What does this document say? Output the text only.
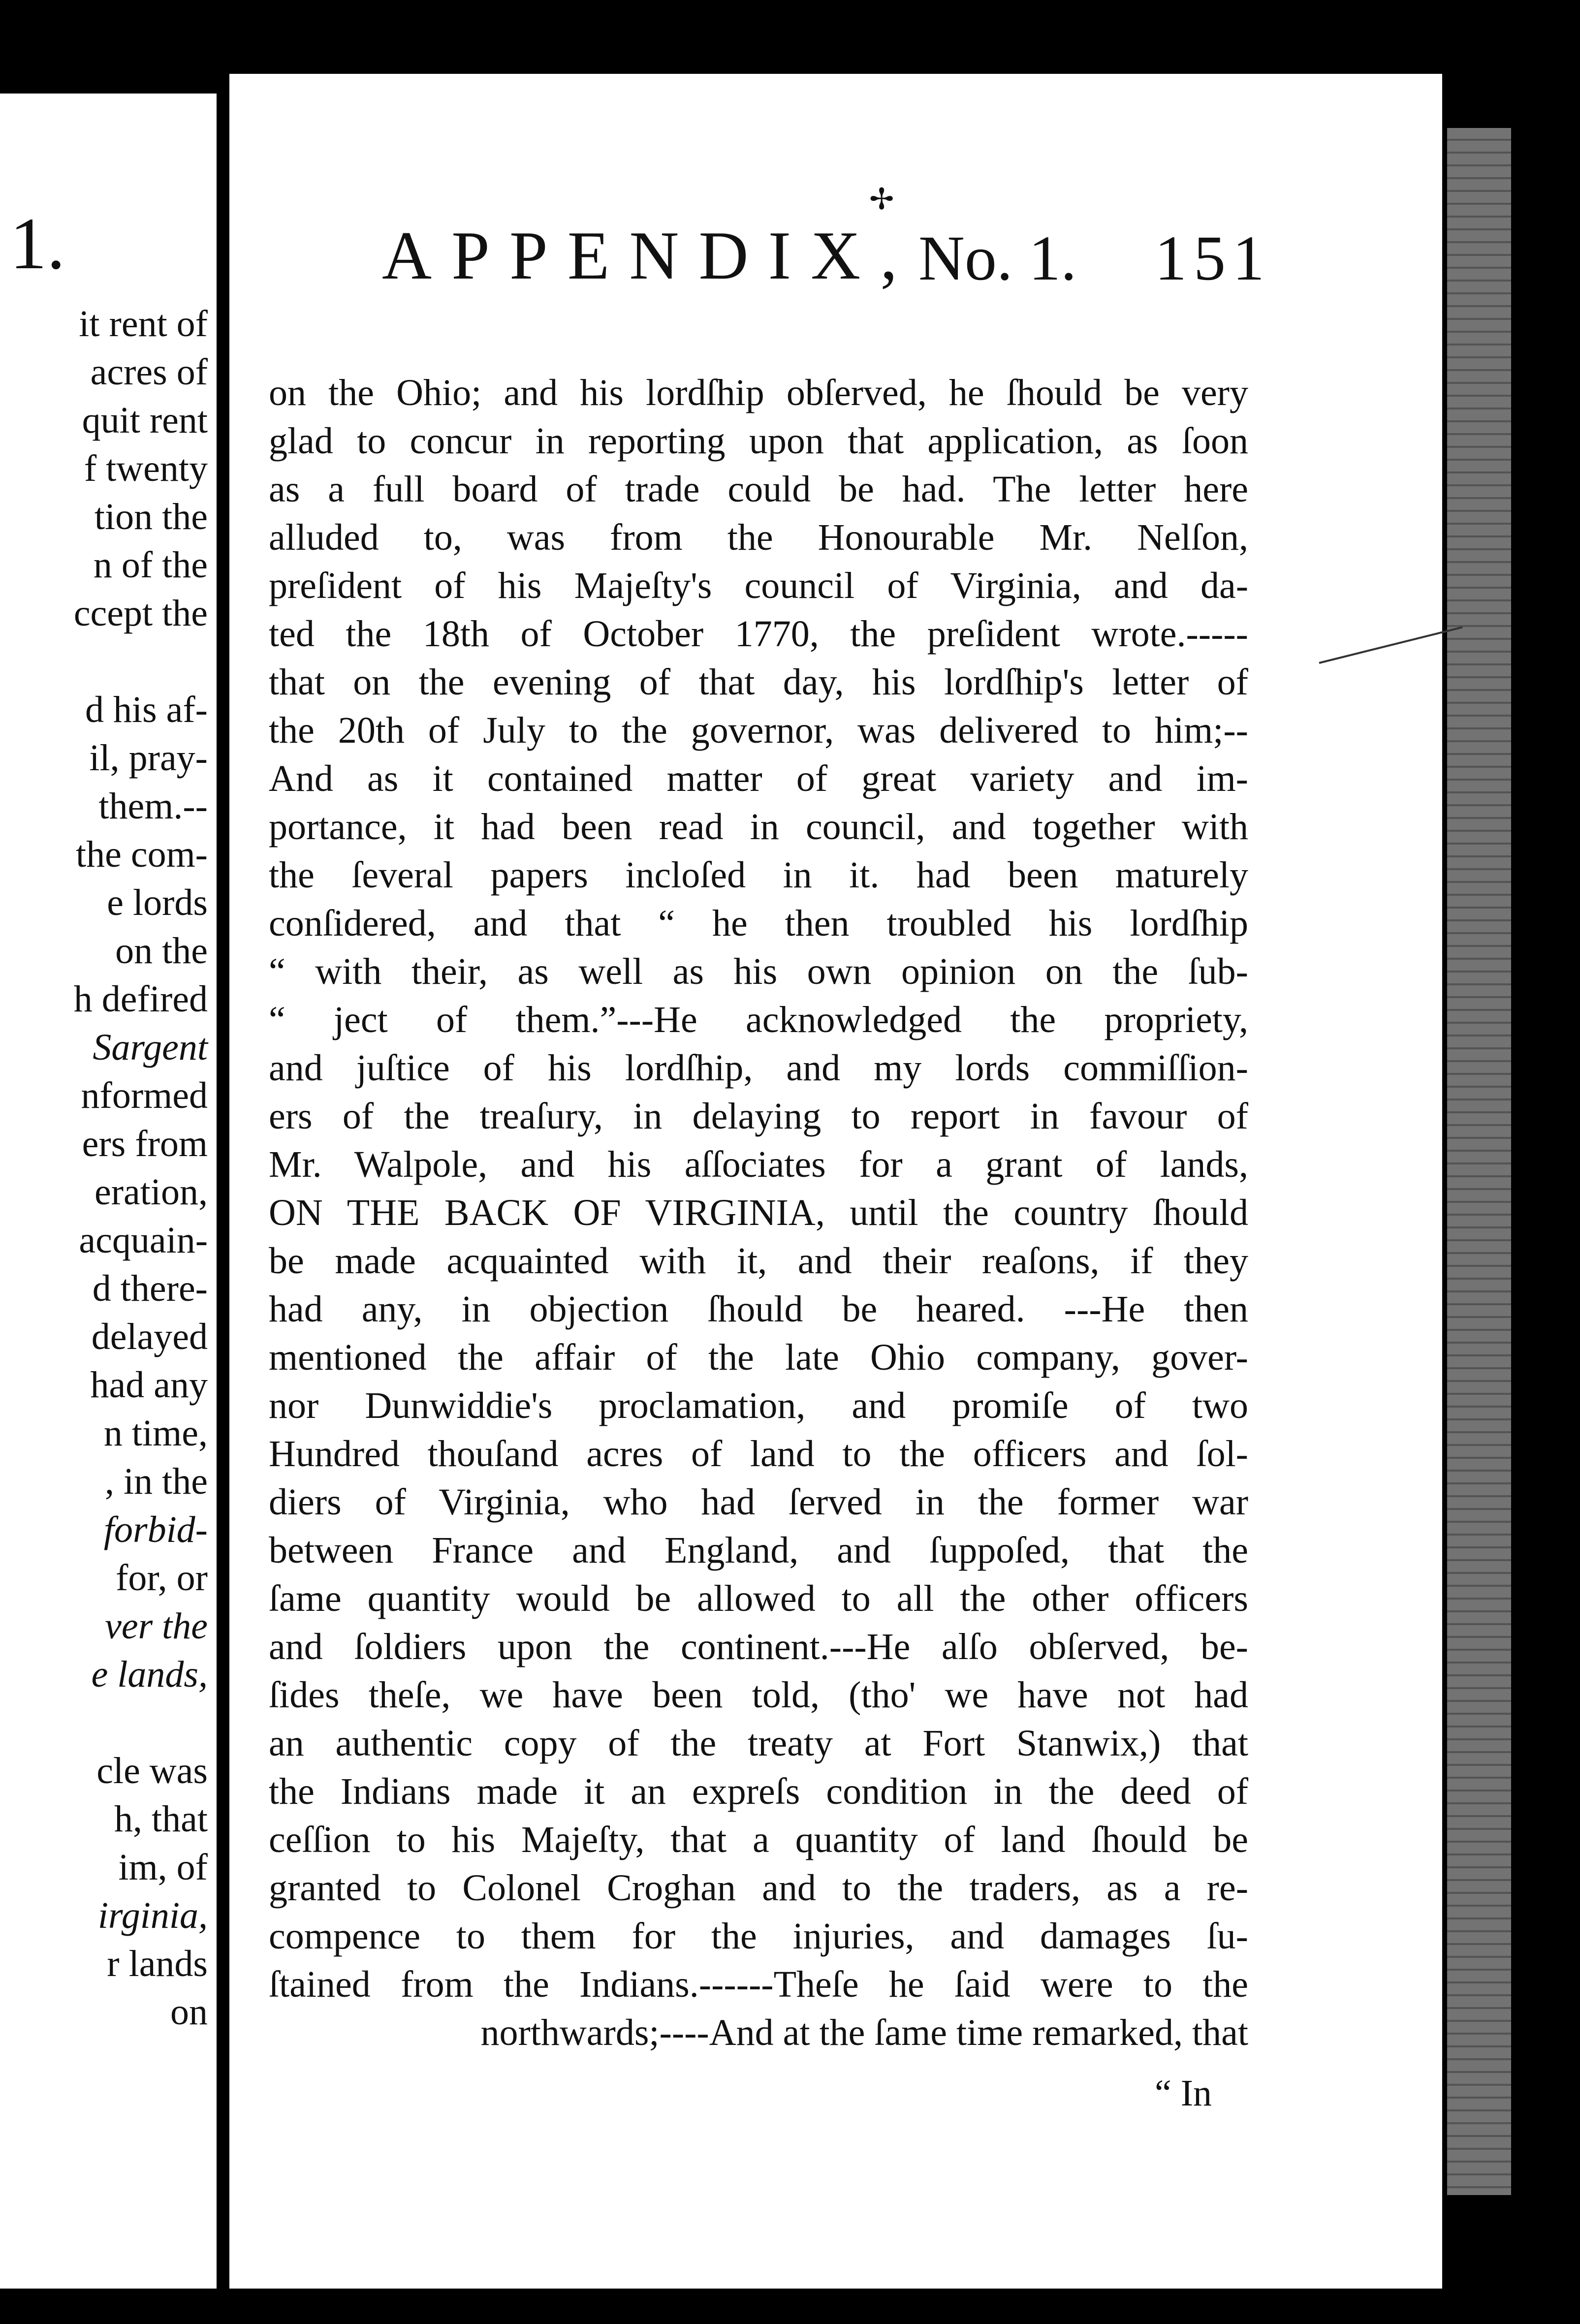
1.
it rent of
acres of
quit rent
f twenty
tion the
n of the
ccept the
d his af-
il, pray-
them.--
the com-
e lords
on the
h defired
Sargent
nformed
ers from
eration,
acquain-
d there-
delayed
had any
n time,
, in the
forbid-
for, or
ver the
e lands,
cle was
h, that
im, of
irginia,
r lands
on
✢
APPENDIX, No. 1. 151
on the Ohio; and his lordſhip obſerved, he ſhould be very
glad to concur in reporting upon that application, as ſoon
as a full board of trade could be had. The letter here
alluded to, was from the Honourable Mr. Nelſon,
preſident of his Majeſty's council of Virginia, and da-
ted the 18th of October 1770, the preſident wrote.-----
that on the evening of that day, his lordſhip's letter of
the 20th of July to the governor, was delivered to him;--
And as it contained matter of great variety and im-
portance, it had been read in council, and together with
the ſeveral papers incloſed in it. had been maturely
conſidered, and that “ he then troubled his lordſhip
“ with their, as well as his own opinion on the ſub-
“ ject of them.”---He acknowledged the propriety,
and juſtice of his lordſhip, and my lords commiſſion-
ers of the treaſury, in delaying to report in favour of
Mr. Walpole, and his aſſociates for a grant of lands,
ON THE BACK OF VIRGINIA, until the country ſhould
be made acquainted with it, and their reaſons, if they
had any, in objection ſhould be heared. ---He then
mentioned the affair of the late Ohio company, gover-
nor Dunwiddie's proclamation, and promiſe of two
Hundred thouſand acres of land to the officers and ſol-
diers of Virginia, who had ſerved in the former war
between France and England, and ſuppoſed, that the
ſame quantity would be allowed to all the other officers
and ſoldiers upon the continent.---He alſo obſerved, be-
ſides theſe, we have been told, (tho' we have not had
an authentic copy of the treaty at Fort Stanwix,) that
the Indians made it an expreſs condition in the deed of
ceſſion to his Majeſty, that a quantity of land ſhould be
granted to Colonel Croghan and to the traders, as a re-
compence to them for the injuries, and damages ſu-
ſtained from the Indians.------Theſe he ſaid were to the
northwards;----And at the ſame time remarked, that
“ In
